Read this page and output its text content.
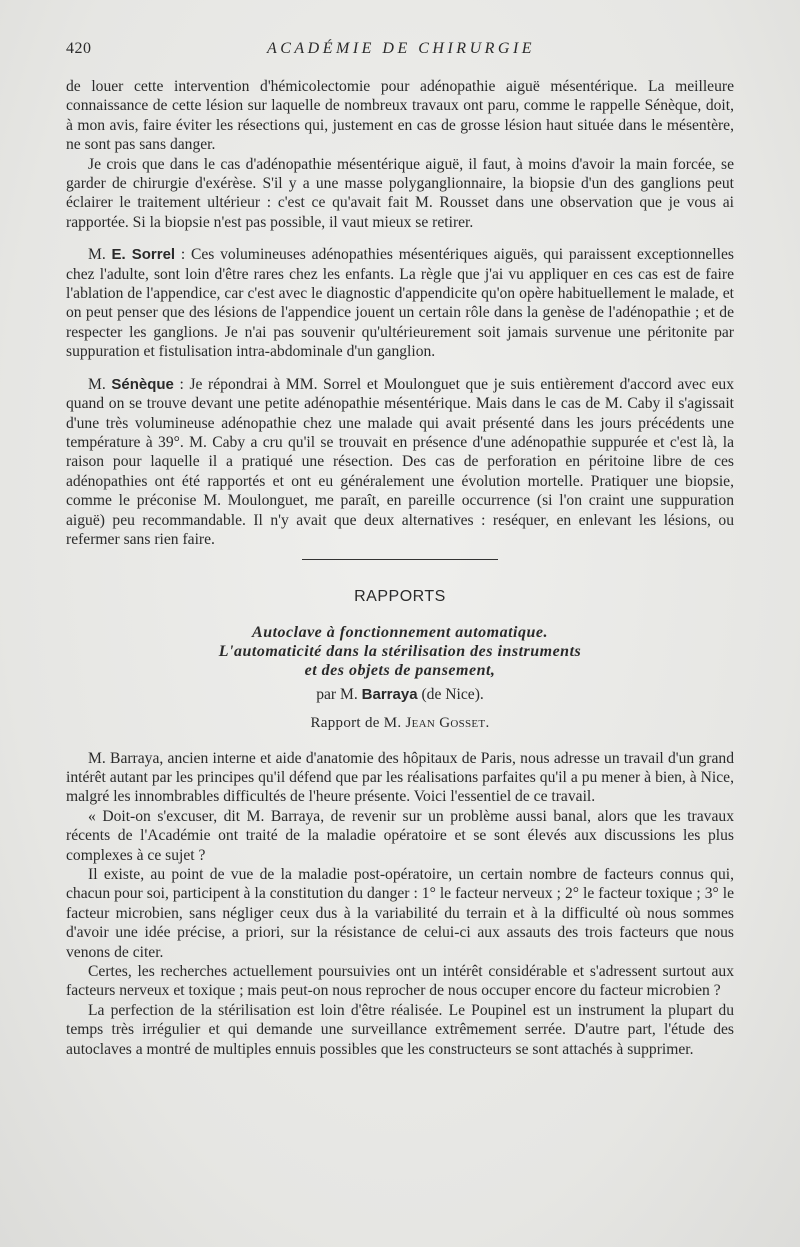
420	ACADÉMIE DE CHIRURGIE

de louer cette intervention d'hémicolectomie pour adénopathie aiguë mésentérique. La meilleure connaissance de cette lésion sur laquelle de nombreux travaux ont paru, comme le rappelle Sénèque, doit, à mon avis, faire éviter les résections qui, justement en cas de grosse lésion haut située dans le mésentère, ne sont pas sans danger.

Je crois que dans le cas d'adénopathie mésentérique aiguë, il faut, à moins d'avoir la main forcée, se garder de chirurgie d'exérèse. S'il y a une masse polyganglionnaire, la biopsie d'un des ganglions peut éclairer le traitement ultérieur : c'est ce qu'avait fait M. Rousset dans une observation que je vous ai rapportée. Si la biopsie n'est pas possible, il vaut mieux se retirer.

M. E. Sorrel : Ces volumineuses adénopathies mésentériques aiguës, qui paraissent exceptionnelles chez l'adulte, sont loin d'être rares chez les enfants. La règle que j'ai vu appliquer en ces cas est de faire l'ablation de l'appendice, car c'est avec le diagnostic d'appendicite qu'on opère habituellement le malade, et on peut penser que des lésions de l'appendice jouent un certain rôle dans la genèse de l'adénopathie ; et de respecter les ganglions. Je n'ai pas souvenir qu'ultérieurement soit jamais survenue une péritonite par suppuration et fistulisation intra-abdominale d'un ganglion.

M. Sénèque : Je répondrai à MM. Sorrel et Moulonguet que je suis entièrement d'accord avec eux quand on se trouve devant une petite adénopathie mésentérique. Mais dans le cas de M. Caby il s'agissait d'une très volumineuse adénopathie chez une malade qui avait présenté dans les jours précédents une température à 39°. M. Caby a cru qu'il se trouvait en présence d'une adénopathie suppurée et c'est là, la raison pour laquelle il a pratiqué une résection. Des cas de perforation en péritoine libre de ces adénopathies ont été rapportés et ont eu généralement une évolution mortelle. Pratiquer une biopsie, comme le préconise M. Moulonguet, me paraît, en pareille occurrence (si l'on craint une suppuration aiguë) peu recommandable. Il n'y avait que deux alternatives : reséquer, en enlevant les lésions, ou refermer sans rien faire.

RAPPORTS
Autoclave à fonctionnement automatique.
L'automaticité dans la stérilisation des instruments
et des objets de pansement,
par M. Barraya (de Nice).
Rapport de M. Jean Gosset.

M. Barraya, ancien interne et aide d'anatomie des hôpitaux de Paris, nous adresse un travail d'un grand intérêt autant par les principes qu'il défend que par les réalisations parfaites qu'il a pu mener à bien, à Nice, malgré les innombrables difficultés de l'heure présente. Voici l'essentiel de ce travail.

« Doit-on s'excuser, dit M. Barraya, de revenir sur un problème aussi banal, alors que les travaux récents de l'Académie ont traité de la maladie opératoire et se sont élevés aux discussions les plus complexes à ce sujet ?

Il existe, au point de vue de la maladie post-opératoire, un certain nombre de facteurs connus qui, chacun pour soi, participent à la constitution du danger : 1° le facteur nerveux ; 2° le facteur toxique ; 3° le facteur microbien, sans négliger ceux dus à la variabilité du terrain et à la difficulté où nous sommes d'avoir une idée précise, a priori, sur la résistance de celui-ci aux assauts des trois facteurs que nous venons de citer.

Certes, les recherches actuellement poursuivies ont un intérêt considérable et s'adressent surtout aux facteurs nerveux et toxique ; mais peut-on nous reprocher de nous occuper encore du facteur microbien ?

La perfection de la stérilisation est loin d'être réalisée. Le Poupinel est un instrument la plupart du temps très irrégulier et qui demande une surveillance extrêmement serrée. D'autre part, l'étude des autoclaves a montré de multiples ennuis possibles que les constructeurs se sont attachés à supprimer.
